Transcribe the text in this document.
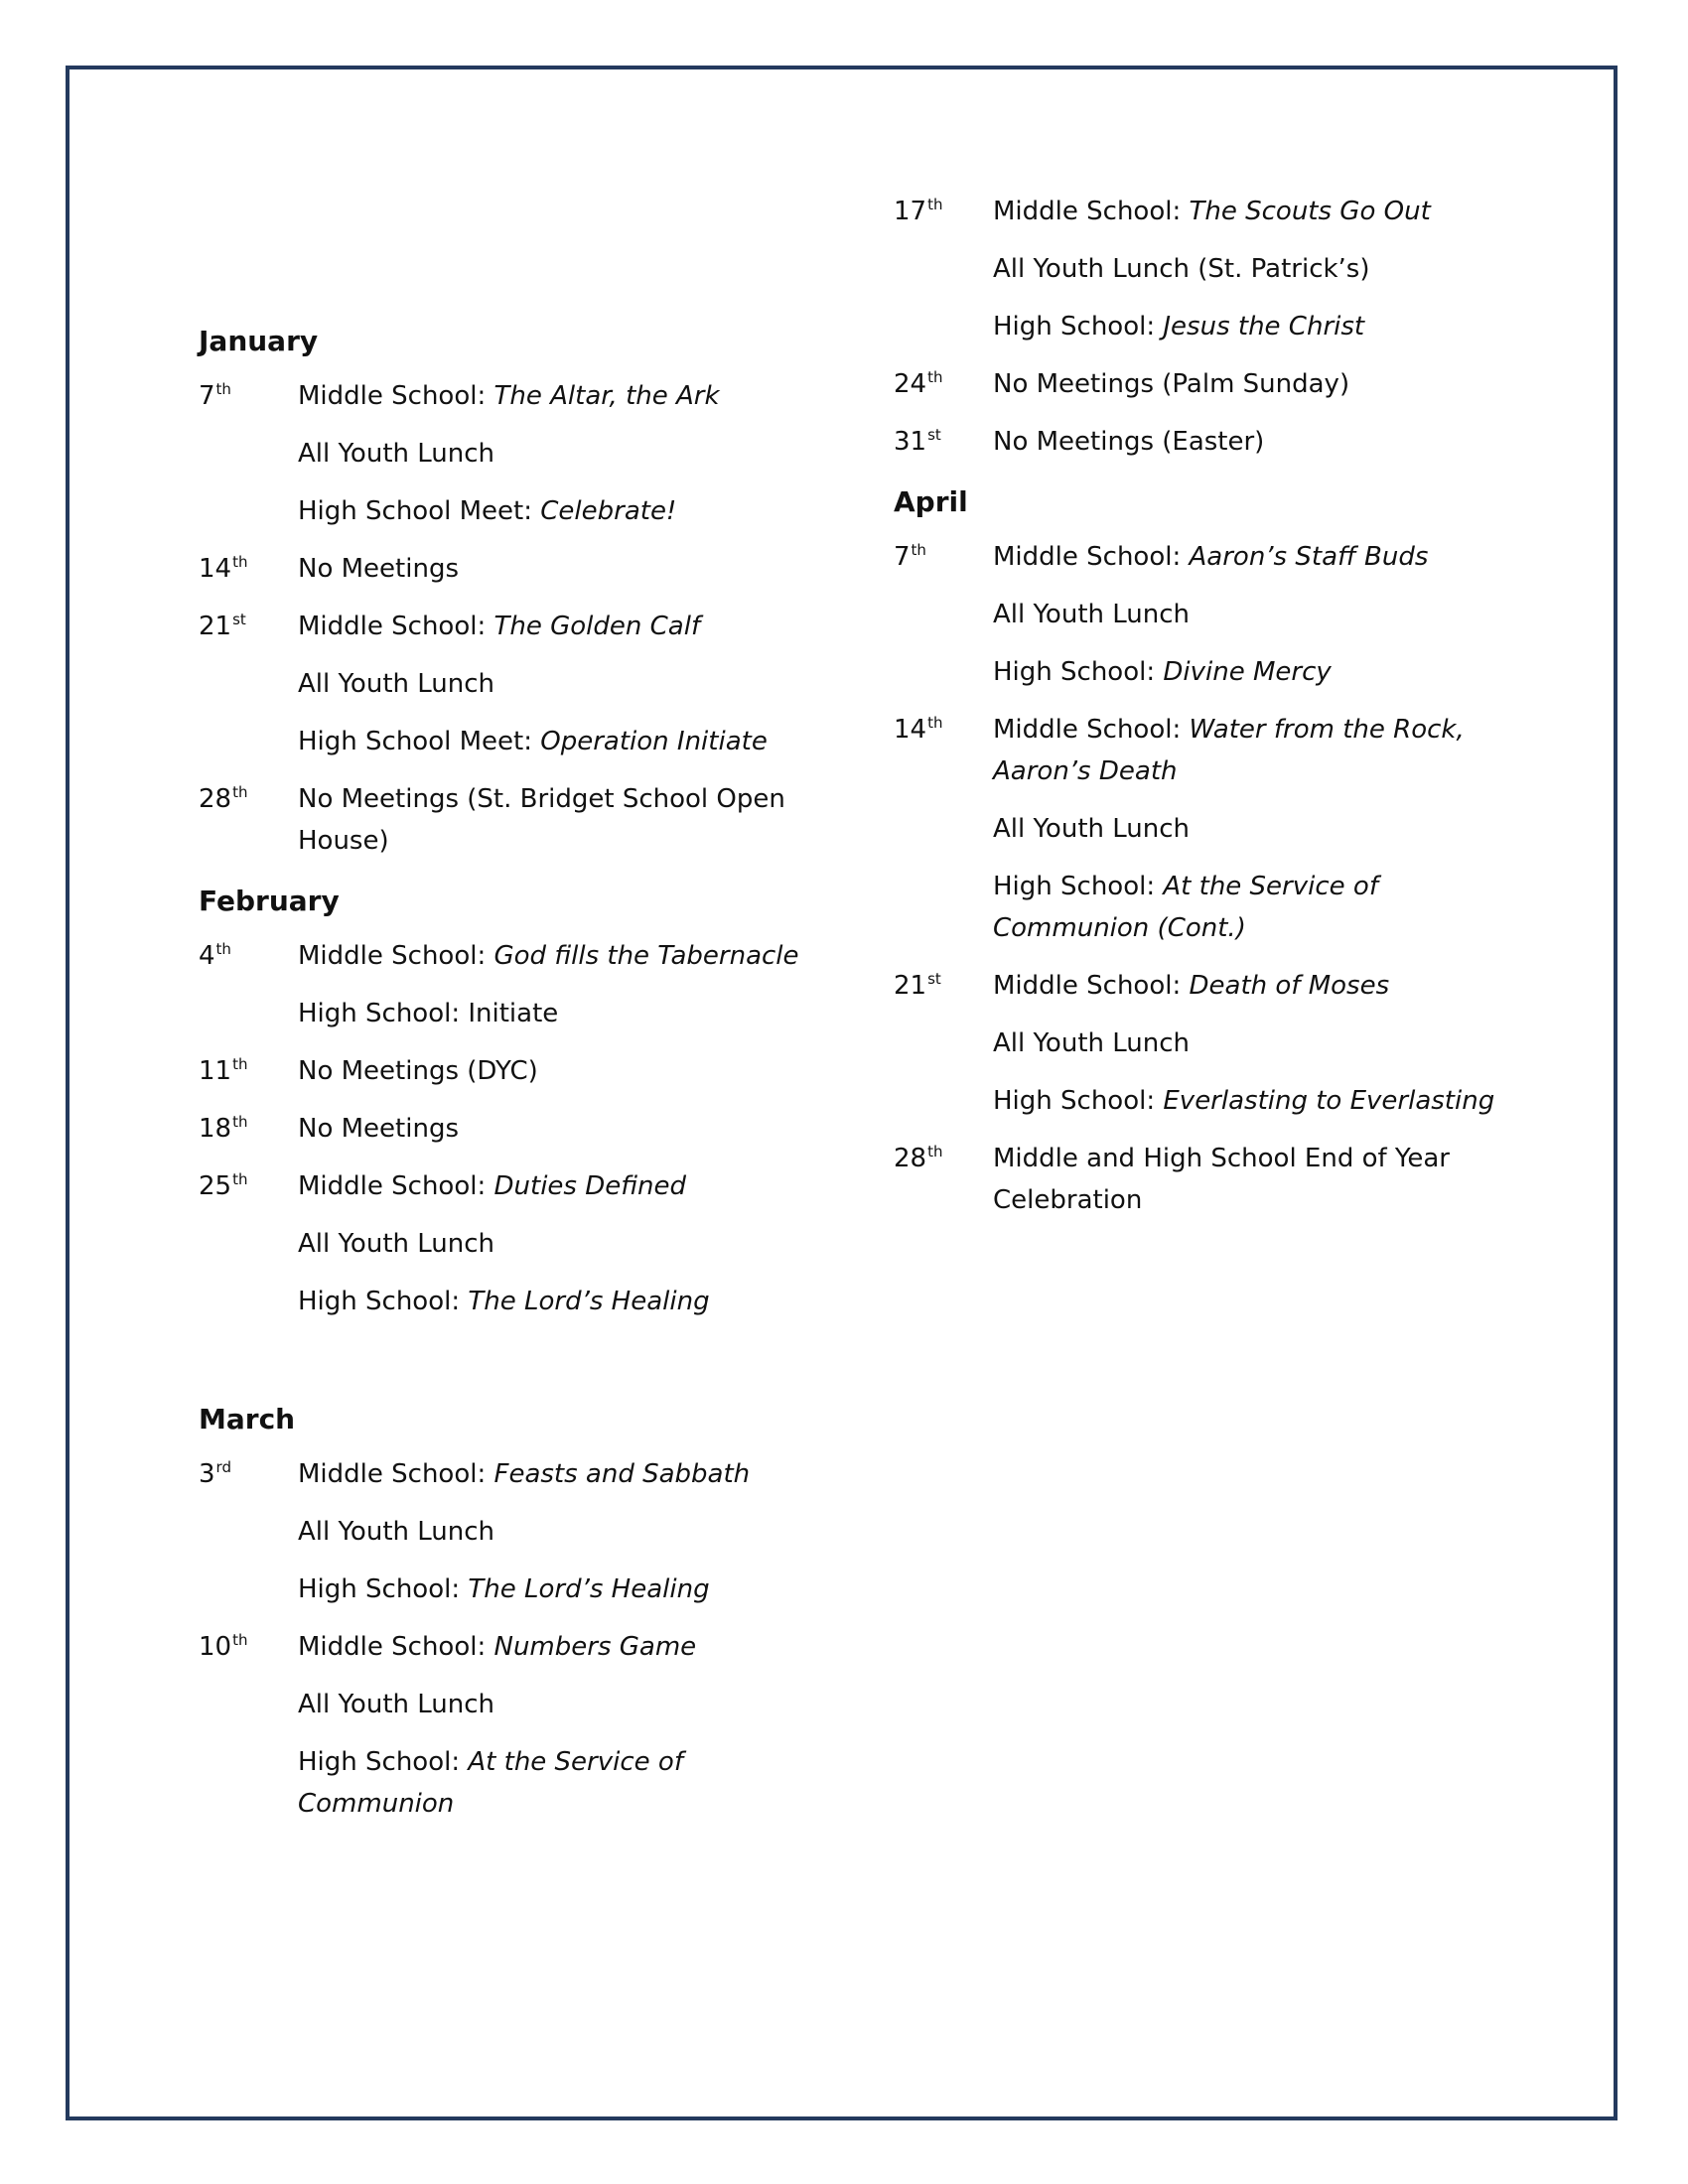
January
7th	Middle School: The Altar, the Ark
All Youth Lunch
High School Meet: Celebrate!
14th	No Meetings
21st	Middle School: The Golden Calf
All Youth Lunch
High School Meet: Operation Initiate
28th	No Meetings (St. Bridget School Open House)
February
4th	Middle School: God fills the Tabernacle
High School: Initiate
11th	No Meetings (DYC)
18th	No Meetings
25th	Middle School: Duties Defined
All Youth Lunch
High School: The Lord’s Healing
March
3rd	Middle School: Feasts and Sabbath
All Youth Lunch
High School: The Lord’s Healing
10th	Middle School: Numbers Game
All Youth Lunch
High School: At the Service of Communion
17th	Middle School: The Scouts Go Out
All Youth Lunch (St. Patrick’s)
High School: Jesus the Christ
24th	No Meetings (Palm Sunday)
31st	No Meetings (Easter)
April
7th	Middle School: Aaron’s Staff Buds
All Youth Lunch
High School: Divine Mercy
14th	Middle School: Water from the Rock, Aaron’s Death
All Youth Lunch
High School: At the Service of Communion (Cont.)
21st	Middle School: Death of Moses
All Youth Lunch
High School: Everlasting to Everlasting
28th	Middle and High School End of Year Celebration
